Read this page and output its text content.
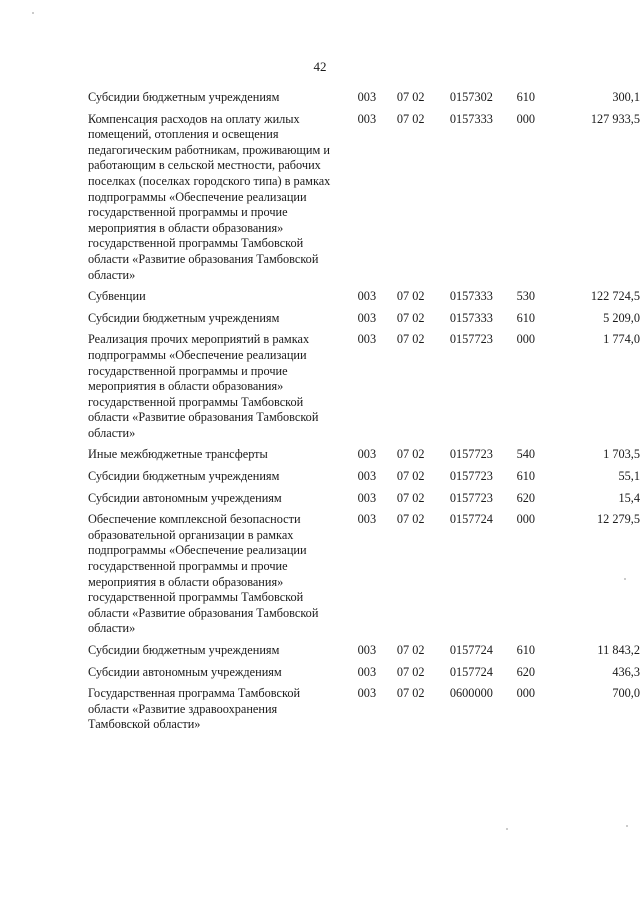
42
Субсидии бюджетным учреждениям	003	07 02	0157302	610	300,1
Компенсация расходов на оплату жилых помещений, отопления и освещения педагогическим работникам, проживающим и работающим в сельской местности, рабочих поселках (поселках городского типа) в рамках подпрограммы «Обеспечение реализации государственной программы и прочие мероприятия в области образования» государственной программы Тамбовской области «Развитие образования Тамбовской области»	003	07 02	0157333	000	127 933,5
Субвенции	003	07 02	0157333	530	122 724,5
Субсидии бюджетным учреждениям	003	07 02	0157333	610	5 209,0
Реализация прочих мероприятий в рамках подпрограммы «Обеспечение реализации государственной программы и прочие мероприятия в области образования» государственной программы Тамбовской области «Развитие образования Тамбовской области»	003	07 02	0157723	000	1 774,0
Иные межбюджетные трансферты	003	07 02	0157723	540	1 703,5
Субсидии бюджетным учреждениям	003	07 02	0157723	610	55,1
Субсидии автономным учреждениям	003	07 02	0157723	620	15,4
Обеспечение комплексной безопасности образовательной организации в рамках подпрограммы «Обеспечение реализации государственной программы и прочие мероприятия в области образования» государственной программы Тамбовской области «Развитие образования Тамбовской области»	003	07 02	0157724	000	12 279,5
Субсидии бюджетным учреждениям	003	07 02	0157724	610	11 843,2
Субсидии автономным учреждениям	003	07 02	0157724	620	436,3
Государственная программа Тамбовской области «Развитие здравоохранения Тамбовской области»	003	07 02	0600000	000	700,0
